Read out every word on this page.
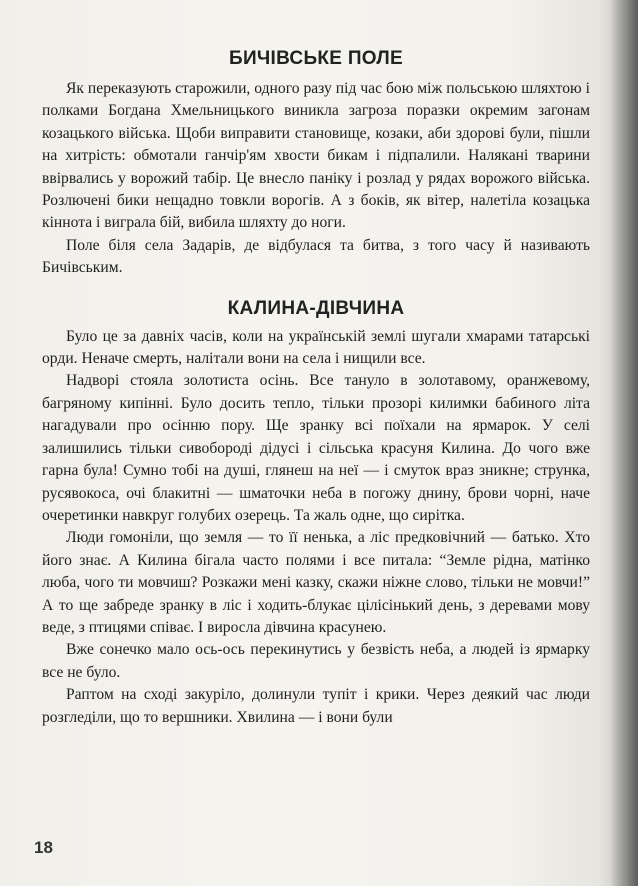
БИЧІВСЬКЕ ПОЛЕ

Як переказують старожили, одного разу під час бою між польською шляхтою і полками Богдана Хмельницького виникла загроза поразки окремим загонам козацького війська. Щоби виправити становище, козаки, аби здорові були, пішли на хитрість: обмотали ганчір'ям хвости бикам і підпалили. Налякані тварини ввірвались у ворожий табір. Це внесло паніку і розлад у рядах ворожого війська. Розлючені бики нещадно товкли ворогів. А з боків, як вітер, налетіла козацька кіннота і виграла бій, вибила шляхту до ноги.

Поле біля села Задарів, де відбулася та битва, з того часу й називають Бичівським.

КАЛИНА-ДІВЧИНА

Було це за давніх часів, коли на українській землі шугали хмарами татарські орди. Неначе смерть, налітали вони на села і нищили все.

Надворі стояла золотиста осінь. Все тануло в золотавому, оранжевому, багряному кипінні. Було досить тепло, тільки прозорі килимки бабиного літа нагадували про осінню пору. Ще зранку всі поїхали на ярмарок. У селі залишились тільки сивобороді дідусі і сільська красуня Килина. До чого вже гарна була! Сумно тобі на душі, глянеш на неї — і смуток враз зникне; струнка, русявокоса, очі блакитні — шматочки неба в погожу днину, брови чорні, наче очеретинки навкруг голубих озерець. Та жаль одне, що сирітка.

Люди гомоніли, що земля — то її ненька, а ліс предковічний — батько. Хто його знає. А Килина бігала часто полями і все питала: “Земле рідна, матінко люба, чого ти мовчиш? Розкажи мені казку, скажи ніжне слово, тільки не мовчи!” А то ще забреде зранку в ліс і ходить-блукає цілісінький день, з деревами мову веде, з птицями співає. І виросла дівчина красунею.

Вже сонечко мало ось-ось перекинутись у безвість неба, а людей із ярмарку все не було.

Раптом на сході закуріло, долинули тупіт і крики. Через деякий час люди розгледіли, що то вершники. Хвилина — і вони були

18
